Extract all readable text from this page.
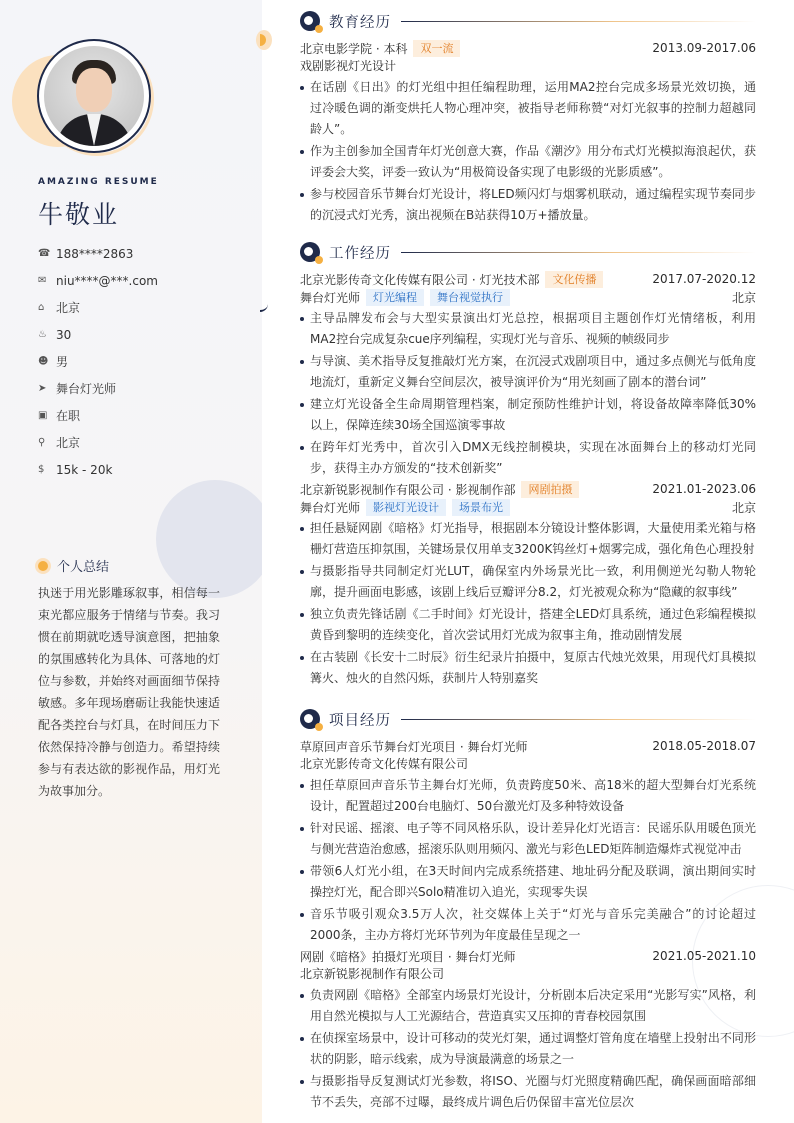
AMAZING RESUME
牛敬业
☎ 188****2863
✉ niu****@***.com
⌂ 北京
♨ 30
☻ 男
➤ 舞台灯光师
▣ 在职
⚲ 北京
$ 15k - 20k
个人总结
执迷于用光影雕琢叙事，相信每一束光都应服务于情绪与节奏。我习惯在前期就吃透导演意图，把抽象的氛围感转化为具体、可落地的灯位与参数，并始终对画面细节保持敏感。多年现场磨砺让我能快速适配各类控台与灯具，在时间压力下依然保持冷静与创造力。希望持续参与有表达欲的影视作品，用灯光为故事加分。
教育经历
北京电影学院 · 本科	双一流	2013.09-2017.06
戏剧影视灯光设计
在话剧《日出》的灯光组中担任编程助理，运用MA2控台完成多场景光效切换，通过冷暖色调的渐变烘托人物心理冲突，被指导老师称赞“对灯光叙事的控制力超越同龄人”。
作为主创参加全国青年灯光创意大赛，作品《潮汐》用分布式灯光模拟海浪起伏，获评委会大奖，评委一致认为“用极简设备实现了电影级的光影质感”。
参与校园音乐节舞台灯光设计，将LED频闪灯与烟雾机联动，通过编程实现节奏同步的沉浸式灯光秀，演出视频在B站获得10万+播放量。
工作经历
北京光影传奇文化传媒有限公司 · 灯光技术部	文化传播	2017.07-2020.12
舞台灯光师	灯光编程	舞台视觉执行	北京
主导品牌发布会与大型实景演出灯光总控，根据项目主题创作灯光情绪板，利用MA2控台完成复杂cue序列编程，实现灯光与音乐、视频的帧级同步
与导演、美术指导反复推敲灯光方案，在沉浸式戏剧项目中，通过多点侧光与低角度地流灯，重新定义舞台空间层次，被导演评价为“用光刻画了剧本的潜台词”
建立灯光设备全生命周期管理档案，制定预防性维护计划，将设备故障率降低30%以上，保障连续30场全国巡演零事故
在跨年灯光秀中，首次引入DMX无线控制模块，实现在冰面舞台上的移动灯光同步，获得主办方颁发的“技术创新奖”
北京新锐影视制作有限公司 · 影视制作部	网剧拍摄	2021.01-2023.06
舞台灯光师	影视灯光设计	场景布光	北京
担任悬疑网剧《暗格》灯光指导，根据剧本分镜设计整体影调，大量使用柔光箱与格栅灯营造压抑氛围，关键场景仅用单支3200K钨丝灯+烟雾完成，强化角色心理投射
与摄影指导共同制定灯光LUT，确保室内外场景光比一致，利用侧逆光勾勒人物轮廓，提升画面电影感，该剧上线后豆瓣评分8.2，灯光被观众称为“隐藏的叙事线”
独立负责先锋话剧《二手时间》灯光设计，搭建全LED灯具系统，通过色彩编程模拟黄昏到黎明的连续变化，首次尝试用灯光成为叙事主角，推动剧情发展
在古装剧《长安十二时辰》衍生纪录片拍摄中，复原古代烛光效果，用现代灯具模拟篝火、烛火的自然闪烁，获制片人特别嘉奖
项目经历
草原回声音乐节舞台灯光项目 · 舞台灯光师	2018.05-2018.07
北京光影传奇文化传媒有限公司
担任草原回声音乐节主舞台灯光师，负责跨度50米、高18米的超大型舞台灯光系统设计，配置超过200台电脑灯、50台激光灯及多种特效设备
针对民谣、摇滚、电子等不同风格乐队，设计差异化灯光语言：民谣乐队用暖色顶光与侧光营造治愈感，摇滚乐队则用频闪、激光与彩色LED矩阵制造爆炸式视觉冲击
带领6人灯光小组，在3天时间内完成系统搭建、地址码分配及联调，演出期间实时操控灯光，配合即兴Solo精准切入追光，实现零失误
音乐节吸引观众3.5万人次，社交媒体上关于“灯光与音乐完美融合”的讨论超过2000条，主办方将灯光环节列为年度最佳呈现之一
网剧《暗格》拍摄灯光项目 · 舞台灯光师	2021.05-2021.10
北京新锐影视制作有限公司
负责网剧《暗格》全部室内场景灯光设计，分析剧本后决定采用“光影写实”风格，利用自然光模拟与人工光源结合，营造真实又压抑的青春校园氛围
在侦探室场景中，设计可移动的荧光灯架，通过调整灯管角度在墙壁上投射出不同形状的阴影，暗示线索，成为导演最满意的场景之一
与摄影指导反复测试灯光参数，将ISO、光圈与灯光照度精确匹配，确保画面暗部细节不丢失，亮部不过曝，最终成片调色后仍保留丰富光位层次
